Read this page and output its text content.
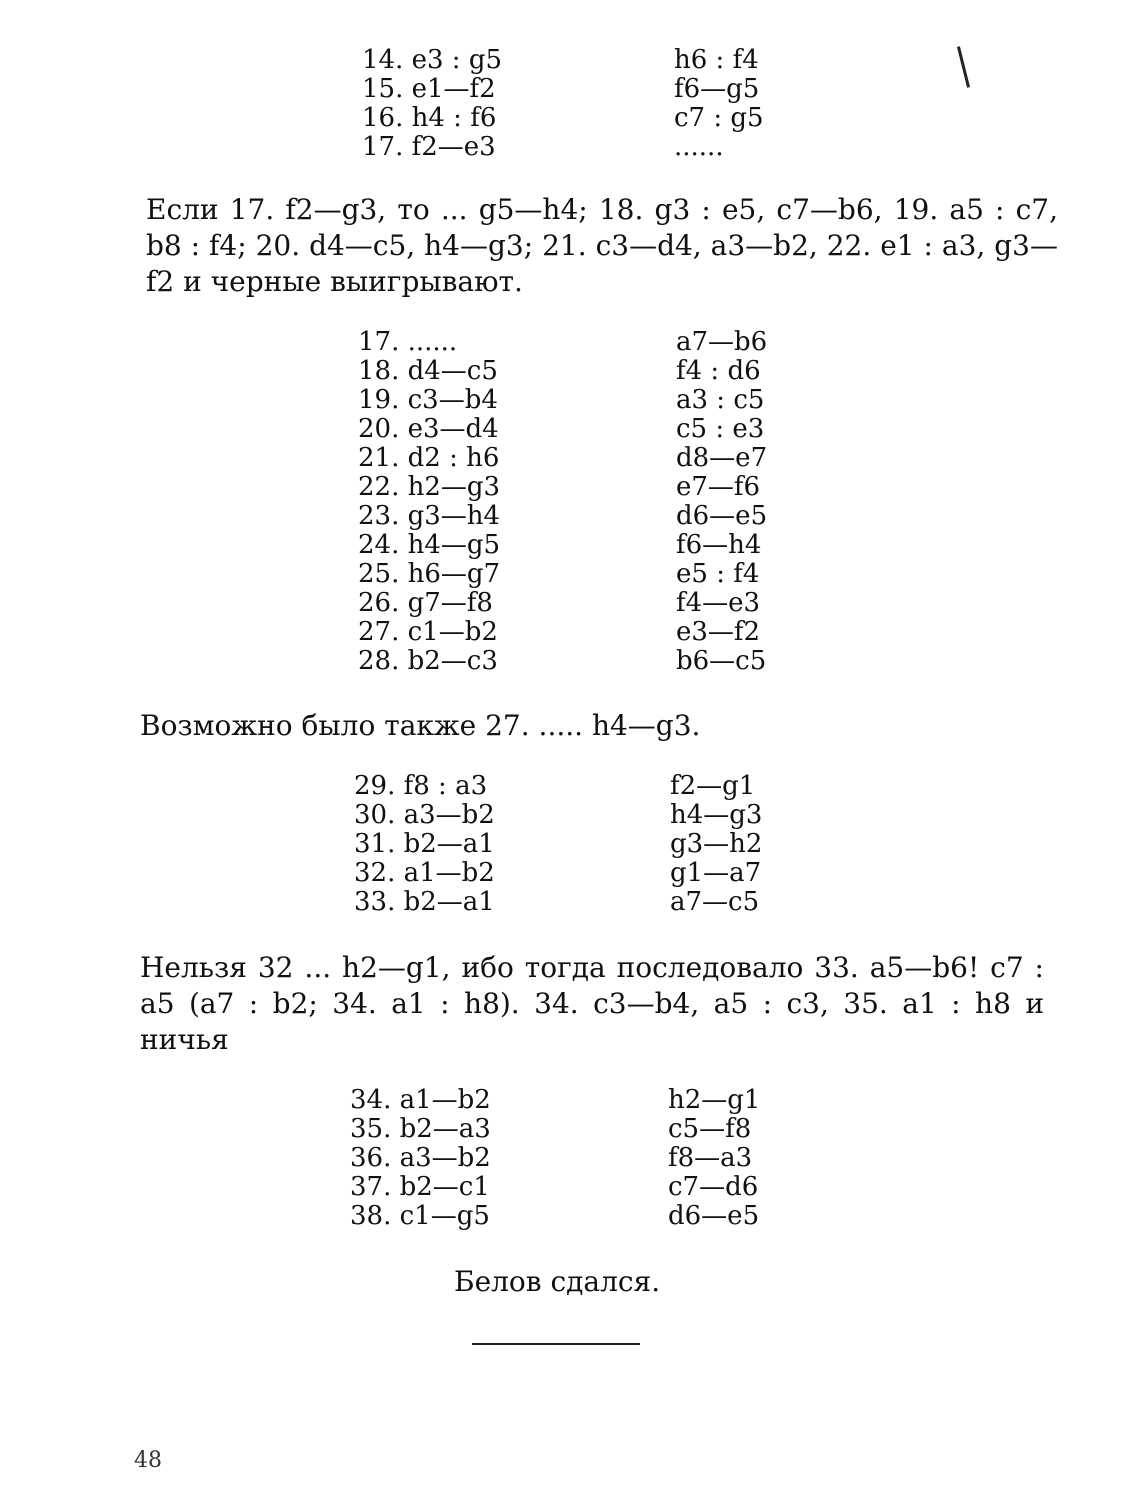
14. e3 : g5	h6 : f4
15. e1—f2	f6—g5
16. h4 : f6	c7 : g5
17. f2—e3	......
Если 17. f2—g3, то ... g5—h4; 18. g3 : e5, c7—b6, 19. a5 : c7, b8 : f4; 20. d4—c5, h4—g3; 21. c3—d4, a3—b2, 22. e1 : a3, g3—f2 и черные выигрывают.
17. ......	a7—b6
18. d4—c5	f4 : d6
19. c3—b4	a3 : c5
20. e3—d4	c5 : e3
21. d2 : h6	d8—e7
22. h2—g3	e7—f6
23. g3—h4	d6—e5
24. h4—g5	f6—h4
25. h6—g7	e5 : f4
26. g7—f8	f4—e3
27. c1—b2	e3—f2
28. b2—c3	b6—c5
Возможно было также 27. ..... h4—g3.
29. f8 : a3	f2—g1
30. a3—b2	h4—g3
31. b2—a1	g3—h2
32. a1—b2	g1—a7
33. b2—a1	a7—c5
Нельзя 32 ... h2—g1, ибо тогда последовало 33. a5—b6! c7 : a5 (a7 : b2; 34. a1 : h8). 34. c3—b4, a5 : c3, 35. a1 : h8 и ничья
34. a1—b2	h2—g1
35. b2—a3	c5—f8
36. a3—b2	f8—a3
37. b2—c1	c7—d6
38. c1—g5	d6—e5
Белов сдался.
48
